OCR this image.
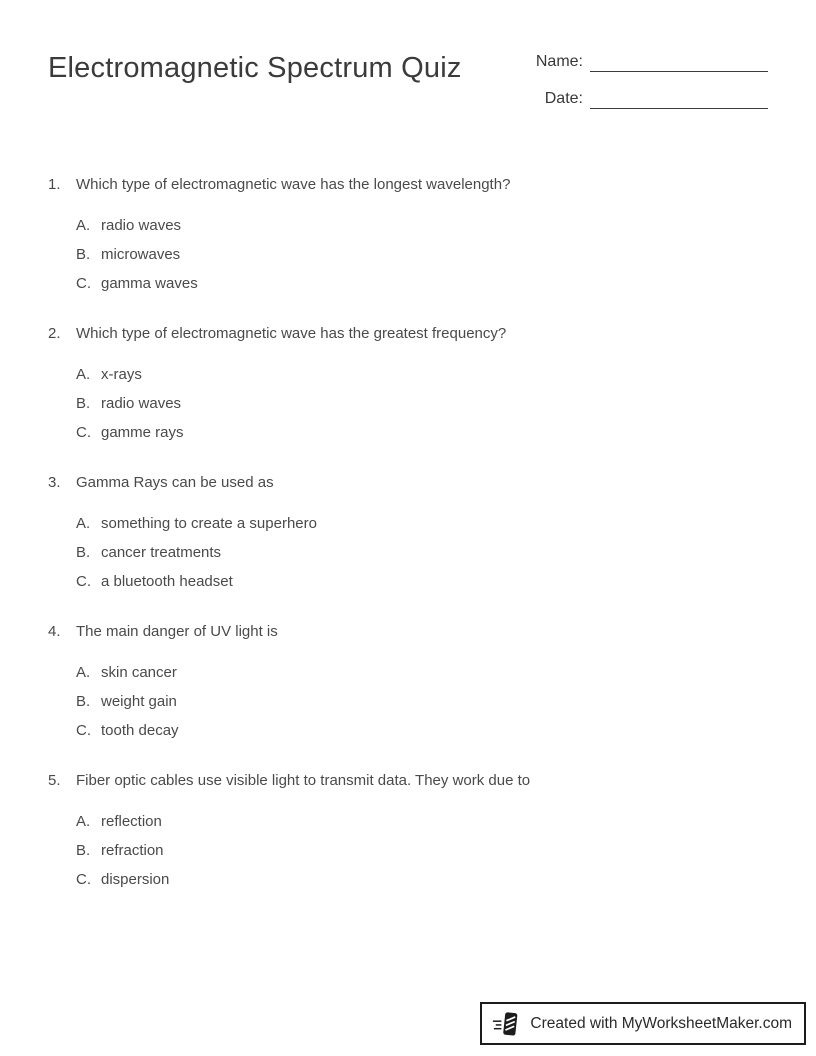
Electromagnetic Spectrum Quiz	Name:
Date:
1.	Which type of electromagnetic wave has the longest wavelength?
A. radio waves
B. microwaves
C. gamma waves
2.	Which type of electromagnetic wave has the greatest frequency?
A. x-rays
B. radio waves
C. gamme rays
3.	Gamma Rays can be used as
A. something to create a superhero
B. cancer treatments
C. a bluetooth headset
4.	The main danger of UV light is
A. skin cancer
B. weight gain
C. tooth decay
5.	Fiber optic cables use visible light to transmit data. They work due to
A. reflection
B. refraction
C. dispersion
Created with MyWorksheetMaker.com
